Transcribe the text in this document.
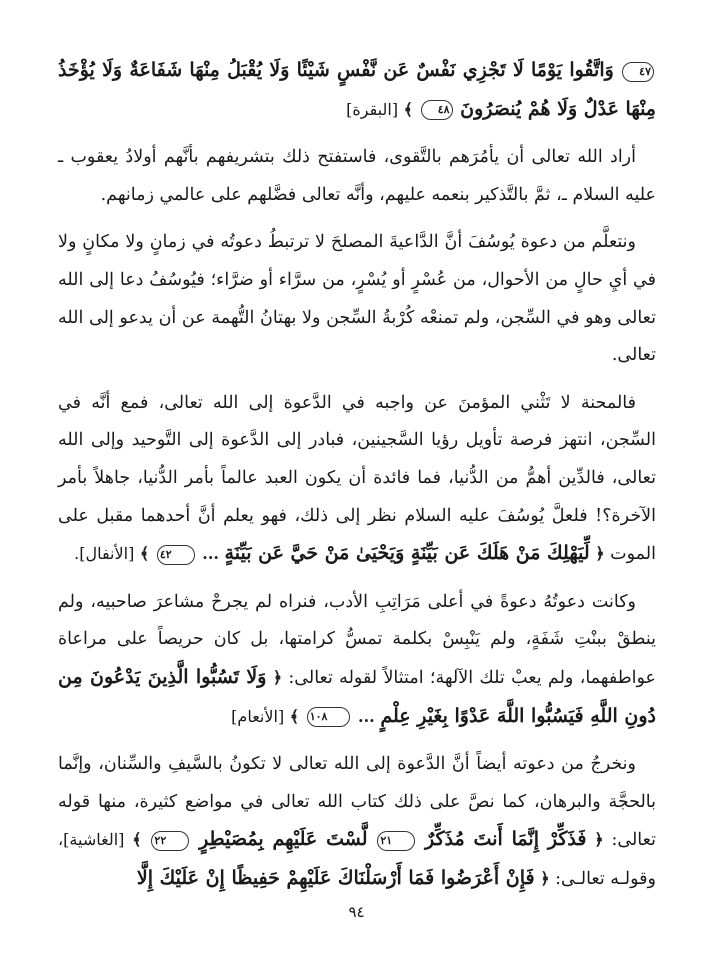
٤٧ وَاتَّقُوا يَوْمًا لَا تَجْزِي نَفْسٌ عَن نَّفْسٍ شَيْئًا وَلَا يُقْبَلُ مِنْهَا شَفَاعَةٌ وَلَا يُؤْخَذُ مِنْهَا عَدْلٌ وَلَا هُمْ يُنصَرُونَ ٤٨ ﴾ [البقرة]

أراد الله تعالى أن يأمُرَهم بالتَّقوى، فاستفتح ذلك بتشريفهم بأنَّهم أولادُ يعقوب ـ عليه السلام ـ، ثمَّ بالتَّذكير بنعمه عليهم، وأنَّه تعالى فضَّلهم على عالمي زمانهم.

ونتعلَّم من دعوة يُوسُفَ أنَّ الدَّاعيةَ المصلحَ لا ترتبطُ دعوتُه في زمانٍ ولا مكانٍ ولا في أيِ حالٍ من الأحوال، من عُسْرٍ أو يُسْرٍ، من سرَّاء أو ضرَّاء؛ فيُوسُفُ دعا إلى الله تعالى وهو في السِّجن، ولم تمنعْه كُرْبةُ السِّجن ولا بهتانُ التُّهمة عن أن يدعو إلى الله تعالى.

فالمحنة لا تَثْني المؤمنَ عن واجبه في الدَّعوة إلى الله تعالى، فمع أنَّه في السِّجن، انتهز فرصة تأويل رؤيا السَّجينين، فبادر إلى الدَّعوة إلى التَّوحيد وإلى الله تعالى، فالدِّين أهمُّ من الدُّنيا، فما فائدة أن يكون العبد عالماً بأمر الدُّنيا، جاهلاً بأمر الآخرة؟! فلعلَّ يُوسُفَ عليه السلام نظر إلى ذلك، فهو يعلم أنَّ أحدهما مقبل على الموت ﴿ لِّيَهْلِكَ مَنْ هَلَكَ عَن بَيِّنَةٍ وَيَحْيَىٰ مَنْ حَيَّ عَن بَيِّنَةٍ ... ٤٢ ﴾ [الأنفال].

وكانت دعوتُهُ دعوةً في أعلى مَرَاتِبِ الأدب، فنراه لم يجرحْ مشاعرَ صاحبيه، ولم ينطقْ ببنْتِ شَفَةٍ، ولم يَنْبِسْ بكلمة تمسُّ كرامتها، بل كان حريصاً على مراعاة عواطفهما، ولم يعبْ تلك الآلهة؛ امتثالاً لقوله تعالى: ﴿ وَلَا تَسُبُّوا الَّذِينَ يَدْعُونَ مِن دُونِ اللَّهِ فَيَسُبُّوا اللَّهَ عَدْوًا بِغَيْرِ عِلْمٍ ... ١٠٨ ﴾ [الأنعام]

ونخرجُ من دعوته أيضاً أنَّ الدَّعوة إلى الله تعالى لا تكونُ بالسَّيفِ والسِّنان، وإنَّما بالحجَّة والبرهان، كما نصَّ على ذلك كتاب الله تعالى في مواضع كثيرة، منها قوله تعالى: ﴿ فَذَكِّرْ إِنَّمَا أَنتَ مُذَكِّرٌ ٢١ لَّسْتَ عَلَيْهِم بِمُصَيْطِرٍ ٢٢ ﴾ [الغاشية]، وقولـه تعالـى: ﴿ فَإِنْ أَعْرَضُوا فَمَا أَرْسَلْنَاكَ عَلَيْهِمْ حَفِيظًا إِنْ عَلَيْكَ إِلَّا

٩٤
